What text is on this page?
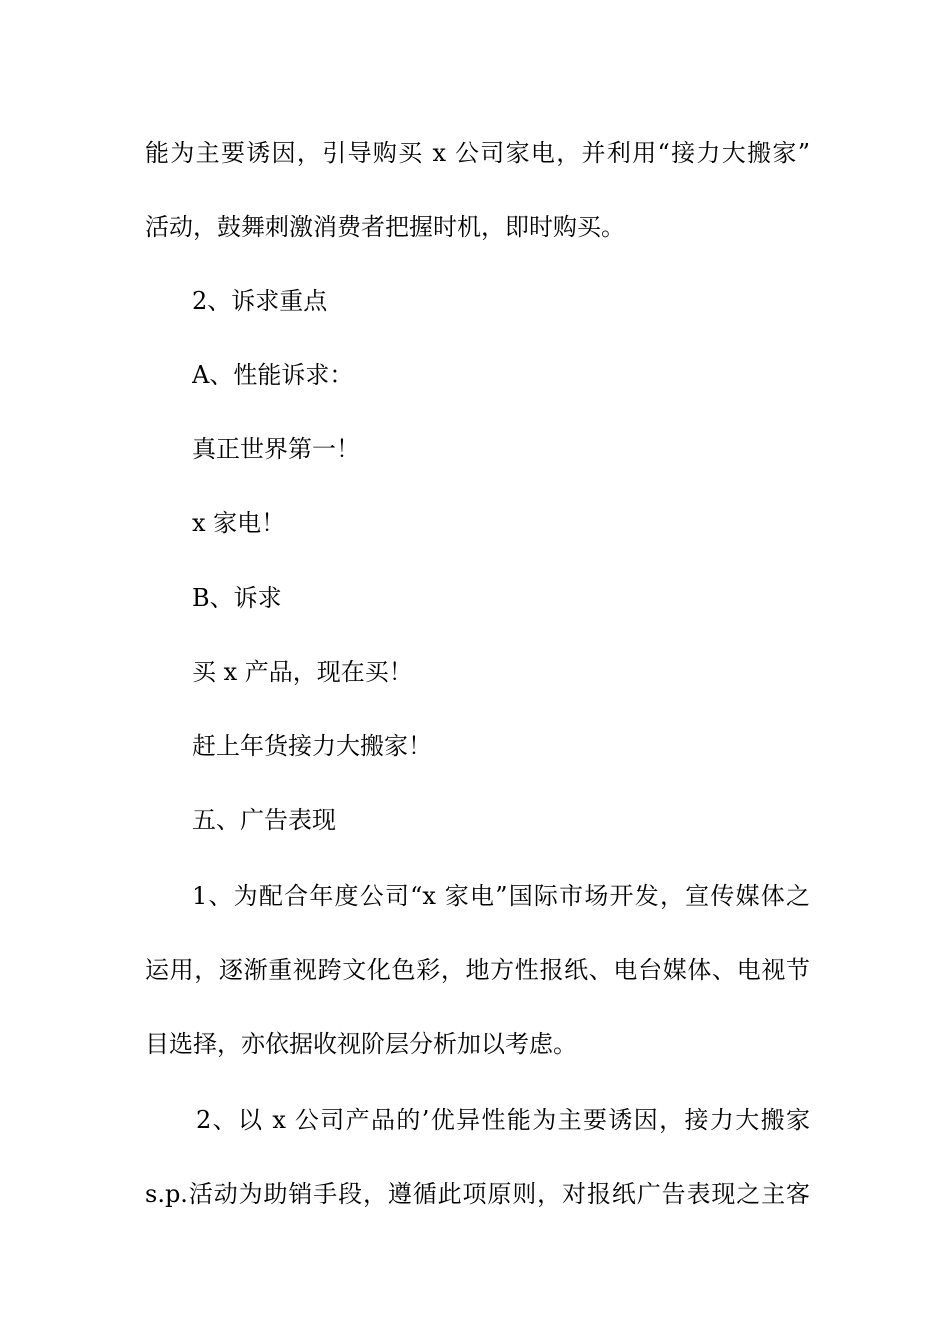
能为主要诱因，引导购买 x 公司家电，并利用“接力大搬家”
活动，鼓舞刺激消费者把握时机，即时购买。
2、诉求重点
A、性能诉求：
真正世界第一！
x 家电！
B、诉求
买 x 产品，现在买！
赶上年货接力大搬家！
五、广告表现
1、为配合年度公司“x 家电”国际市场开发，宣传媒体之
运用，逐渐重视跨文化色彩，地方性报纸、电台媒体、电视节
目选择，亦依据收视阶层分析加以考虑。
2、以 x 公司产品的’优异性能为主要诱因，接力大搬家
s.p.活动为助销手段，遵循此项原则，对报纸广告表现之主客
